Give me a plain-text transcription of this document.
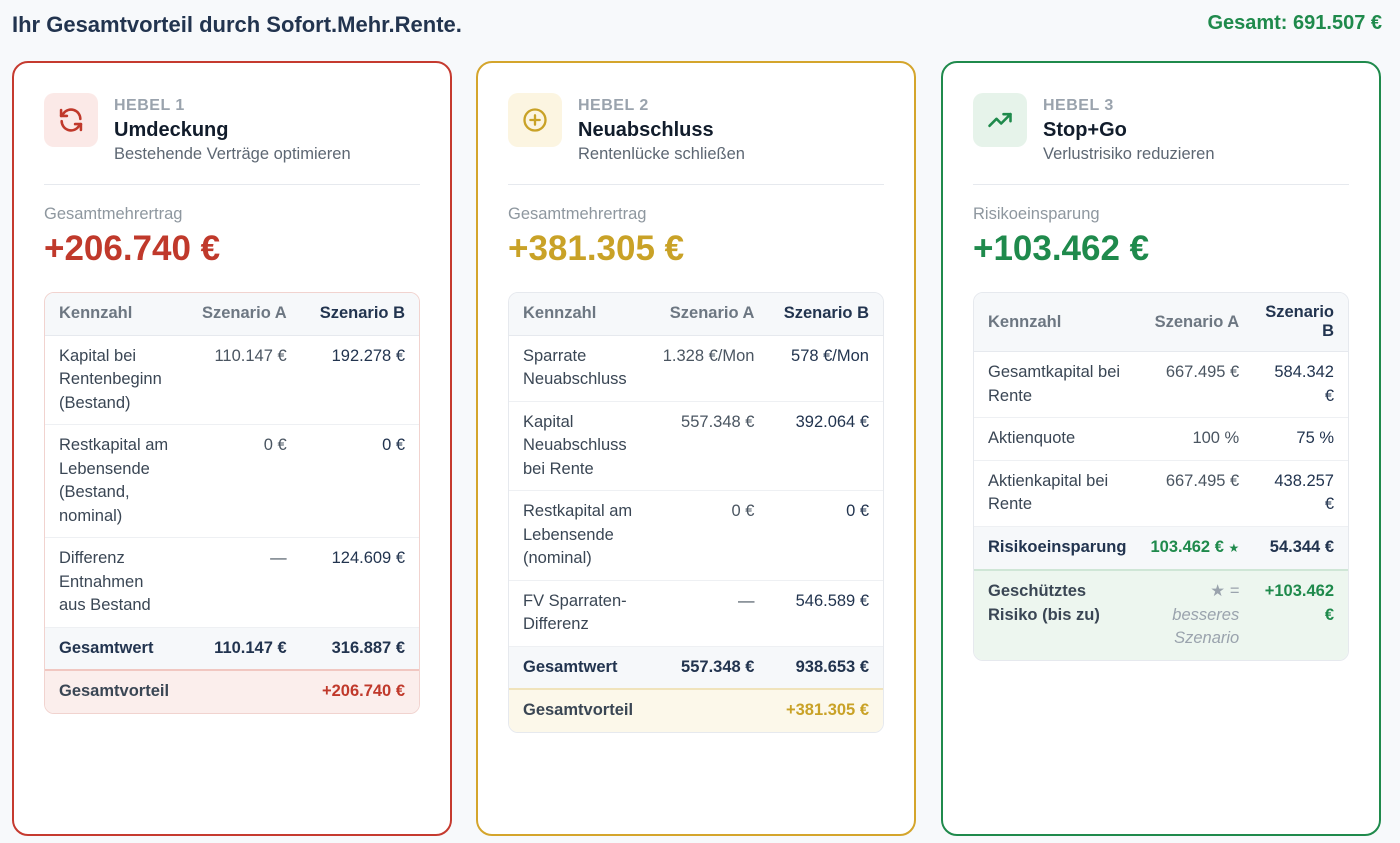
Ihr Gesamtvorteil durch Sofort.Mehr.Rente.	Gesamt: 691.507 €
HEBEL 1
Umdeckung
Bestehende Verträge optimieren
Gesamtmehrertrag
+206.740 €
Kennzahl	Szenario A	Szenario B
Kapital bei Rentenbeginn (Bestand)	110.147 €	192.278 €
Restkapital am Lebensende (Bestand, nominal)	0 €	0 €
Differenz Entnahmen aus Bestand	—	124.609 €
Gesamtwert	110.147 €	316.887 €
Gesamtvorteil		+206.740 €
HEBEL 2
Neuabschluss
Rentenlücke schließen
Gesamtmehrertrag
+381.305 €
Kennzahl	Szenario A	Szenario B
Sparrate Neuabschluss	1.328 €/Mon	578 €/Mon
Kapital Neuabschluss bei Rente	557.348 €	392.064 €
Restkapital am Lebensende (nominal)	0 €	0 €
FV Sparraten-Differenz	—	546.589 €
Gesamtwert	557.348 €	938.653 €
Gesamtvorteil		+381.305 €
HEBEL 3
Stop+Go
Verlustrisiko reduzieren
Risikoeinsparung
+103.462 €
Kennzahl	Szenario A	Szenario B
Gesamtkapital bei Rente	667.495 €	584.342 €
Aktienquote	100 %	75 %
Aktienkapital bei Rente	667.495 €	438.257 €
Risikoeinsparung	103.462 € ★	54.344 €
Geschütztes Risiko (bis zu)	★ = besseres Szenario	+103.462 €
